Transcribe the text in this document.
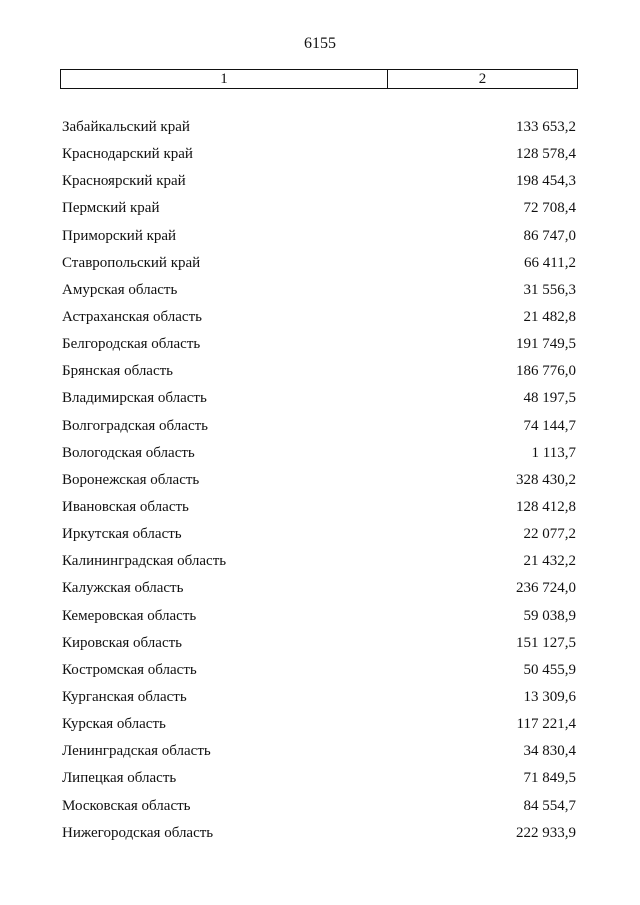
6155
1	2
Забайкальский край	133 653,2
Краснодарский край	128 578,4
Красноярский край	198 454,3
Пермский край	72 708,4
Приморский край	86 747,0
Ставропольский край	66 411,2
Амурская область	31 556,3
Астраханская область	21 482,8
Белгородская область	191 749,5
Брянская область	186 776,0
Владимирская область	48 197,5
Волгоградская область	74 144,7
Вологодская область	1 113,7
Воронежская область	328 430,2
Ивановская область	128 412,8
Иркутская область	22 077,2
Калининградская область	21 432,2
Калужская область	236 724,0
Кемеровская область	59 038,9
Кировская область	151 127,5
Костромская область	50 455,9
Курганская область	13 309,6
Курская область	117 221,4
Ленинградская область	34 830,4
Липецкая область	71 849,5
Московская область	84 554,7
Нижегородская область	222 933,9
